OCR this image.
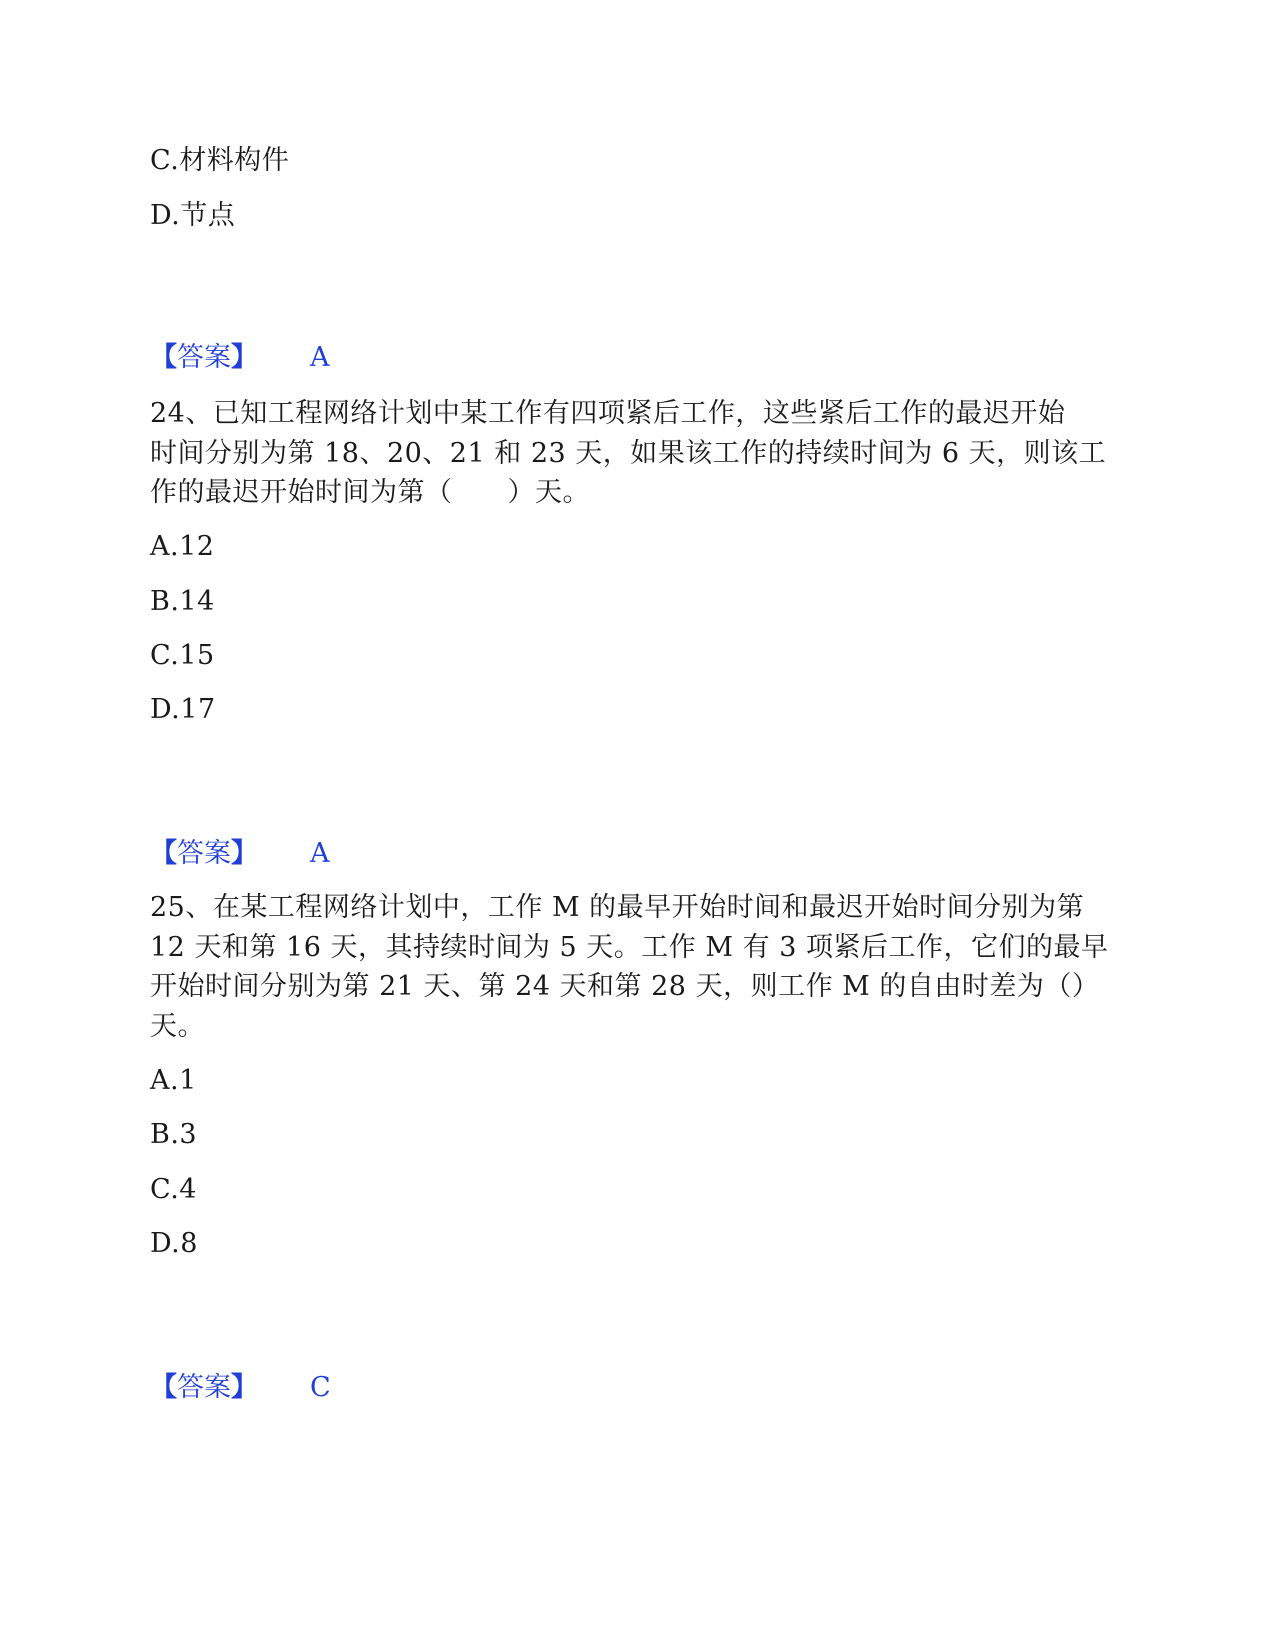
C.材料构件
D.节点
【答案】 A
24、已知工程网络计划中某工作有四项紧后工作，这些紧后工作的最迟开始
时间分别为第 18、20、21 和 23 天，如果该工作的持续时间为 6 天，则该工
作的最迟开始时间为第（　　）天。
A.12
B.14
C.15
D.17
【答案】 A
25、在某工程网络计划中，工作 M 的最早开始时间和最迟开始时间分别为第
12 天和第 16 天，其持续时间为 5 天。工作 M 有 3 项紧后工作，它们的最早
开始时间分别为第 21 天、第 24 天和第 28 天，则工作 M 的自由时差为（）
天。
A.1
B.3
C.4
D.8
【答案】 C
